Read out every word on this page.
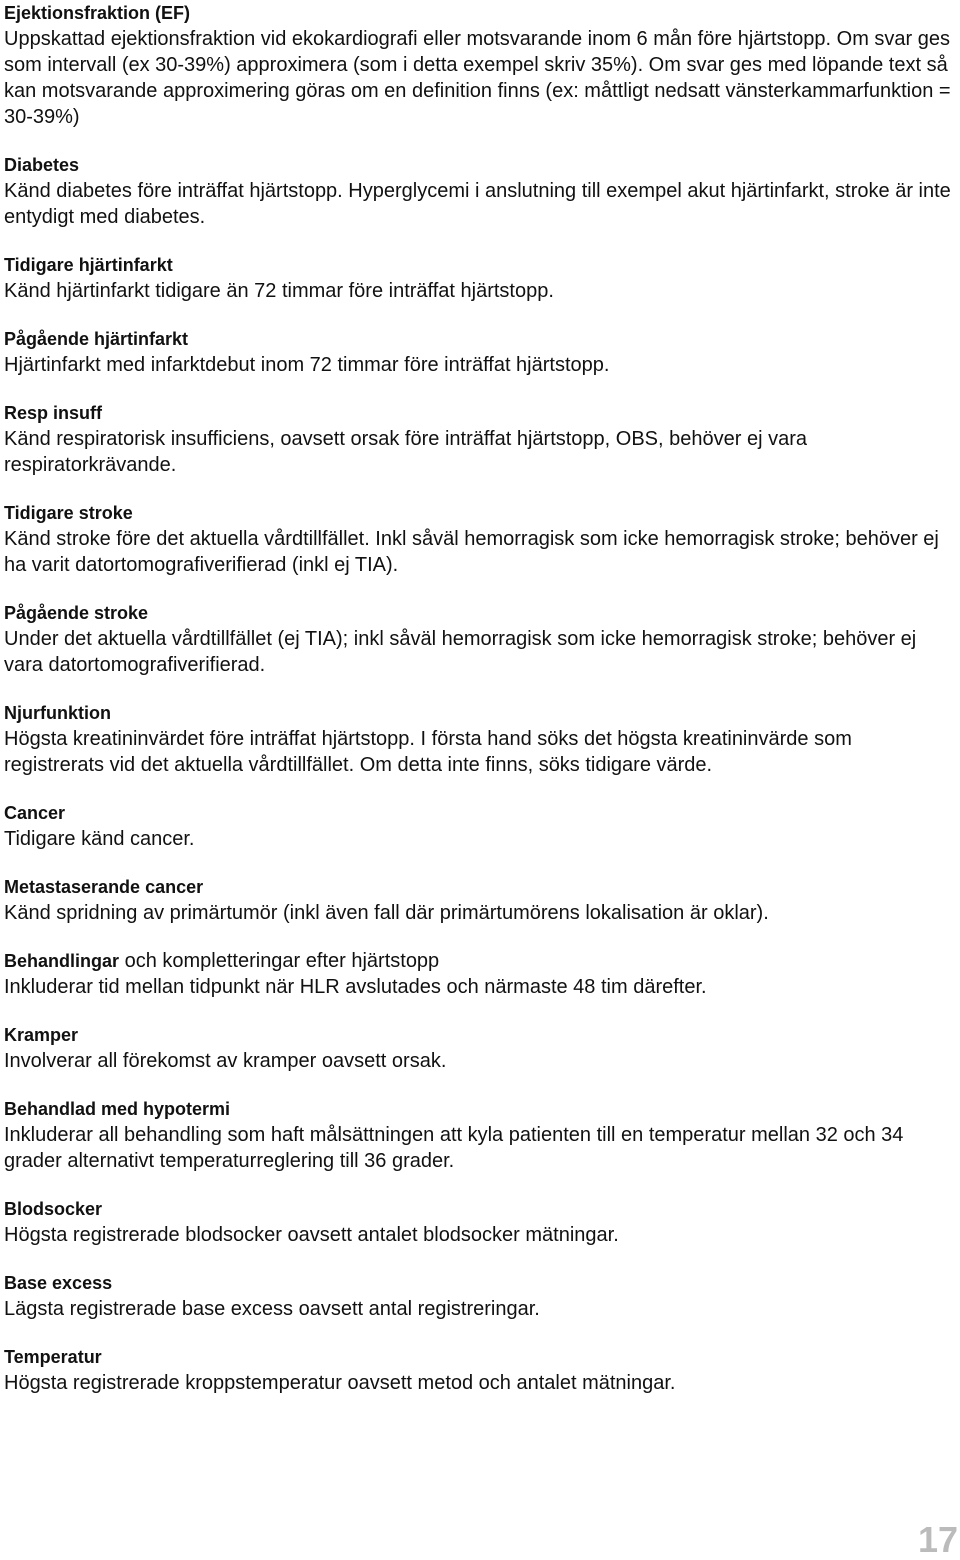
Ejektionsfraktion (EF)

Uppskattad ejektionsfraktion vid ekokardiografi eller motsvarande inom 6 mån före hjärtstopp. Om svar ges som intervall (ex 30-39%) approximera (som i detta exempel skriv 35%). Om svar ges med löpande text så kan motsvarande approximering göras om en definition finns (ex: måttligt nedsatt vänsterkammarfunktion = 30-39%)

Diabetes

Känd diabetes före inträffat hjärtstopp. Hyperglycemi i anslutning till exempel akut hjärtinfarkt, stroke är inte entydigt med diabetes.

Tidigare hjärtinfarkt

Känd hjärtinfarkt tidigare än 72 timmar före inträffat hjärtstopp.

Pågående hjärtinfarkt

Hjärtinfarkt med infarktdebut inom 72 timmar före inträffat hjärtstopp.

Resp insuff

Känd respiratorisk insufficiens, oavsett orsak före inträffat hjärtstopp, OBS, behöver ej vara respiratorkrävande.

Tidigare stroke

Känd stroke före det aktuella vårdtillfället. Inkl såväl hemorragisk som icke hemorragisk stroke; behöver ej ha varit datortomografiverifierad (inkl ej TIA).

Pågående stroke

Under det aktuella vårdtillfället (ej TIA); inkl såväl hemorragisk som icke hemorragisk stroke; behöver ej vara datortomografiverifierad.

Njurfunktion

Högsta kreatininvärdet före inträffat hjärtstopp. I första hand söks det högsta kreatininvärde som registrerats vid det aktuella vårdtillfället. Om detta inte finns, söks tidigare värde.

Cancer

Tidigare känd cancer.

Metastaserande cancer

Känd spridning av primärtumör (inkl även fall där primärtumörens lokalisation är oklar).

Behandlingar och kompletteringar efter hjärtstopp

Inkluderar tid mellan tidpunkt när HLR avslutades och närmaste 48 tim därefter.

Kramper

Involverar all förekomst av kramper oavsett orsak.

Behandlad med hypotermi

Inkluderar all behandling som haft målsättningen att kyla patienten till en temperatur mellan 32 och 34 grader alternativt temperaturreglering till 36 grader.

Blodsocker

Högsta registrerade blodsocker oavsett antalet blodsocker mätningar.

Base excess

Lägsta registrerade base excess oavsett antal registreringar.

Temperatur

Högsta registrerade kroppstemperatur oavsett metod och antalet mätningar.

17
